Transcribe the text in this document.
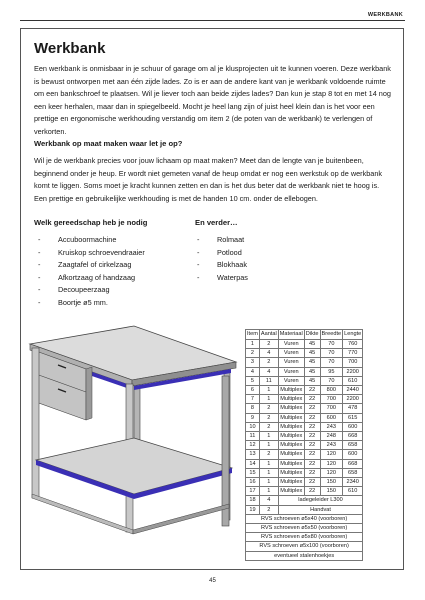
WERKBANK
Werkbank

Een werkbank is onmisbaar in je schuur of garage om al je klusprojecten uit te kunnen voeren. Deze werkbank is bewust ontworpen met aan één zijde lades. Zo is er aan de andere kant van je werkbank voldoende ruimte om een bankschroef te plaatsen. Wil je liever toch aan beide zijdes lades? Dan kun je stap 8 tot en met 14 nog een keer herhalen, maar dan in spiegelbeeld. Mocht je heel lang zijn of juist heel klein dan is het voor een prettige en ergonomische werkhouding verstandig om item 2 (de poten van de werkbank) te verlengen of verkorten.

Werkbank op maat maken waar let je op?

Wil je de werkbank precies voor jouw lichaam op maat maken? Meet dan de lengte van je buitenbeen, beginnend onder je heup. Er wordt niet gemeten vanaf de heup omdat er nog een werkstuk op de werkbank komt te liggen. Soms moet je kracht kunnen zetten en dan is het dus beter dat de werkbank niet te hoog is. Een prettige en gebruikelijke werkhouding is met de handen 10 cm. onder de ellebogen.

Welk gereedschap heb je nodig	En verder…
- Accuboormachine
- Kruiskop schroevendraaier
- Zaagtafel of cirkelzaag
- Afkortzaag of handzaag
- Decoupeerzaag
- Boortje ø5 mm.
- Rolmaat
- Potlood
- Blokhaak
- Waterpas
Item	Aantal	Materiaal	Dikte	Breedte	Lengte
1	2	Vuren	45	70	760
2	4	Vuren	45	70	770
3	2	Vuren	45	70	700
4	4	Vuren	45	95	2200
5	11	Vuren	45	70	610
6	1	Multiplex	22	800	2440
7	1	Multiplex	22	700	2200
8	2	Multiplex	22	700	478
9	2	Multiplex	22	600	615
10	2	Multiplex	22	243	600
11	1	Multiplex	22	248	668
12	1	Multiplex	22	243	658
13	2	Multiplex	22	120	600
14	1	Multiplex	22	120	668
15	1	Multiplex	22	120	658
16	1	Multiplex	22	150	2340
17	1	Multiplex	22	150	610
18	4	ladegeleider L300			
19	2	Handvat			
RVS schroeven ø5x40 (voorboren)					
RVS schroeven ø5x50 (voorboren)					
RVS schroeven ø5x80 (voorboren)					
RVS schroeven ø5x100 (voorboren)					
eventueel stalenhoekjes					
45
